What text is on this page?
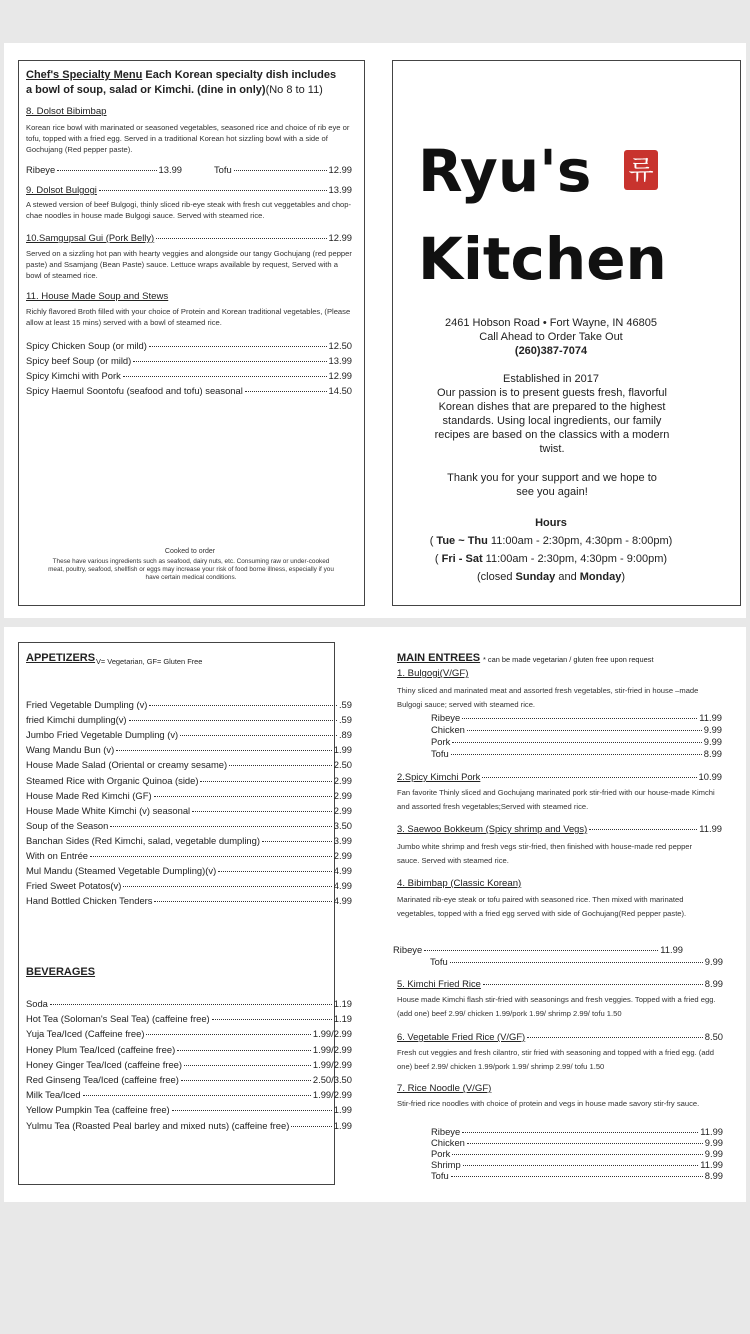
Chef's Specialty Menu Each Korean specialty dish includes
a bowl of soup, salad or Kimchi. (dine in only)(No 8 to 11)
8. Dolsot Bibimbap
Korean rice bowl with marinated or seasoned vegetables, seasoned rice and choice of rib eye or tofu, topped with a fried egg. Served in a traditional Korean hot sizzling bowl with a side of Gochujang (Red pepper paste).
Ribeye	13.99	Tofu	12.99
9. Dolsot Bulgogi	13.99
A stewed version of beef Bulgogi, thinly sliced rib-eye steak with fresh cut veggetables and chop-chae noodles in house made Bulgogi sauce. Served with steamed rice.
10.Samgupsal Gui (Pork Belly)	12.99
Served on a sizzling hot pan with hearty veggies and alongside our tangy Gochujang (red pepper paste) and Ssamjang (Bean Paste) sauce. Lettuce wraps available by request, Served with a bowl of steamed rice.
11. House Made Soup and Stews
Richly flavored Broth filled with your choice of Protein and Korean traditional vegetables, (Please allow at least 15 mins) served with a bowl of steamed rice.
Spicy Chicken Soup (or mild)	12.50
Spicy beef Soup (or mild)	13.99
Spicy Kimchi with Pork	12.99
Spicy Haemul Soontofu (seafood and tofu) seasonal	14.50
Cooked to order
These have various ingredients such as seafood, dairy nuts, etc. Consuming raw or under-cooked meat, poultry, seafood, shellfish or eggs may increase your risk of food borne illness, especially if you have certain medical conditions.
Ryu's 류
Kitchen
2461 Hobson Road • Fort Wayne, IN 46805
Call Ahead to Order Take Out
(260)387-7074
Established in 2017
Our passion is to present guests fresh, flavorful Korean dishes that are prepared to the highest standards. Using local ingredients, our family recipes are based on the classics with a modern twist.
Thank you for your support and we hope to see you again!
Hours
( Tue ~ Thu 11:00am - 2:30pm, 4:30pm - 8:00pm)
( Fri - Sat 11:00am - 2:30pm, 4:30pm - 9:00pm)
(closed Sunday and Monday)
APPETIZERS V= Vegetarian, GF= Gluten Free
Fried Vegetable Dumpling (v)	.59
fried Kimchi dumpling(v)	.59
Jumbo Fried Vegetable Dumpling (v)	.89
Wang Mandu Bun (v)	1.99
House Made Salad (Oriental or creamy sesame)	2.50
Steamed Rice with Organic Quinoa (side)	2.99
House Made Red Kimchi (GF)	2.99
House Made White Kimchi (v) seasonal	2.99
Soup of the Season	3.50
Banchan Sides (Red Kimchi, salad, vegetable dumpling)	3.99
With on Entrée	2.99
Mul Mandu (Steamed Vegetable Dumpling)(v)	4.99
Fried Sweet Potatos(v)	4.99
Hand Bottled Chicken Tenders	4.99
BEVERAGES
Soda	1.19
Hot Tea (Soloman's Seal Tea) (caffeine free)	1.19
Yuja Tea/Iced (Caffeine free)	1.99/2.99
Honey Plum Tea/Iced (caffeine free)	1.99/2.99
Honey Ginger Tea/Iced (caffeine free)	1.99/2.99
Red Ginseng Tea/Iced (caffeine free)	2.50/3.50
Milk Tea/Iced	1.99/2.99
Yellow Pumpkin Tea (caffeine free)	1.99
Yulmu Tea (Roasted Peal barley and mixed nuts) (caffeine free)	1.99
MAIN ENTREES * can be made vegetarian / gluten free upon request
1. Bulgogi(V/GF)
Thiny sliced and marinated meat and assorted fresh vegetables, stir-fried in house –made Bulgogi sauce; served with steamed rice.
Ribeye	11.99
Chicken	9.99
Pork	9.99
Tofu	8.99
2.Spicy Kimchi Pork	10.99
Fan favorite Thinly sliced and Gochujang marinated pork stir-fried with our house-made Kimchi and assorted fresh vegetables;Served with steamed rice.
3. Saewoo Bokkeum (Spicy shrimp and Vegs)	11.99
Jumbo white shrimp and fresh vegs stir-fried, then finished with house-made red pepper sauce. Served with steamed rice.
4. Bibimbap (Classic Korean)
Marinated rib-eye steak or tofu paired with seasoned rice. Then mixed with marinated vegetables, topped with a fried egg served with side of Gochujang(Red pepper paste).
Ribeye	11.99
Tofu	9.99
5. Kimchi Fried Rice	8.99
House made Kimchi flash stir-fried with seasonings and fresh veggies. Topped with a fried egg. (add one) beef 2.99/ chicken 1.99/pork 1.99/ shrimp 2.99/ tofu 1.50
6. Vegetable Fried Rice (V/GF)	8.50
Fresh cut veggies and fresh cilantro, stir fried with seasoning and topped with a fried egg. (add one) beef 2.99/ chicken 1.99/pork 1.99/ shrimp 2.99/ tofu 1.50
7. Rice Noodle (V/GF)
Stir-fried rice noodles with choice of protein and vegs in house made savory stir-fry sauce.
Ribeye	11.99
Chicken	9.99
Pork	9.99
Shrimp	11.99
Tofu	8.99
